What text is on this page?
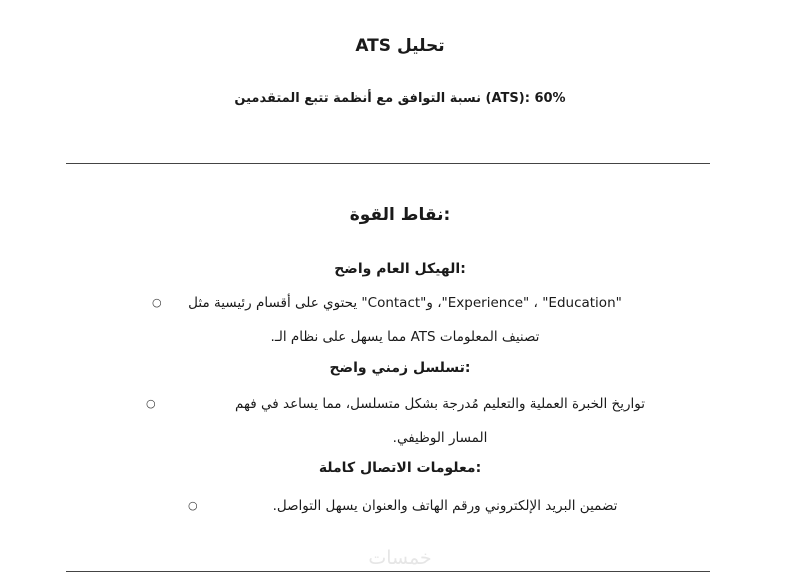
تحليل ATS
60% :(ATS) نسبة التوافق مع أنظمة تتبع المتقدمين
:نقاط القوة
:الهيكل العام واضح
"Experience" ، "Education"، و"Contact" يحتوي على أقسام رئيسية مثل
○
تصنيف المعلومات ATS مما يسهل على نظام الـ.
:تسلسل زمني واضح
تواريخ الخبرة العملية والتعليم مُدرجة بشكل متسلسل، مما يساعد في فهم
○
المسار الوظيفي.
:معلومات الاتصال كاملة
تضمين البريد الإلكتروني ورقم الهاتف والعنوان يسهل التواصل.
○
خمسات
